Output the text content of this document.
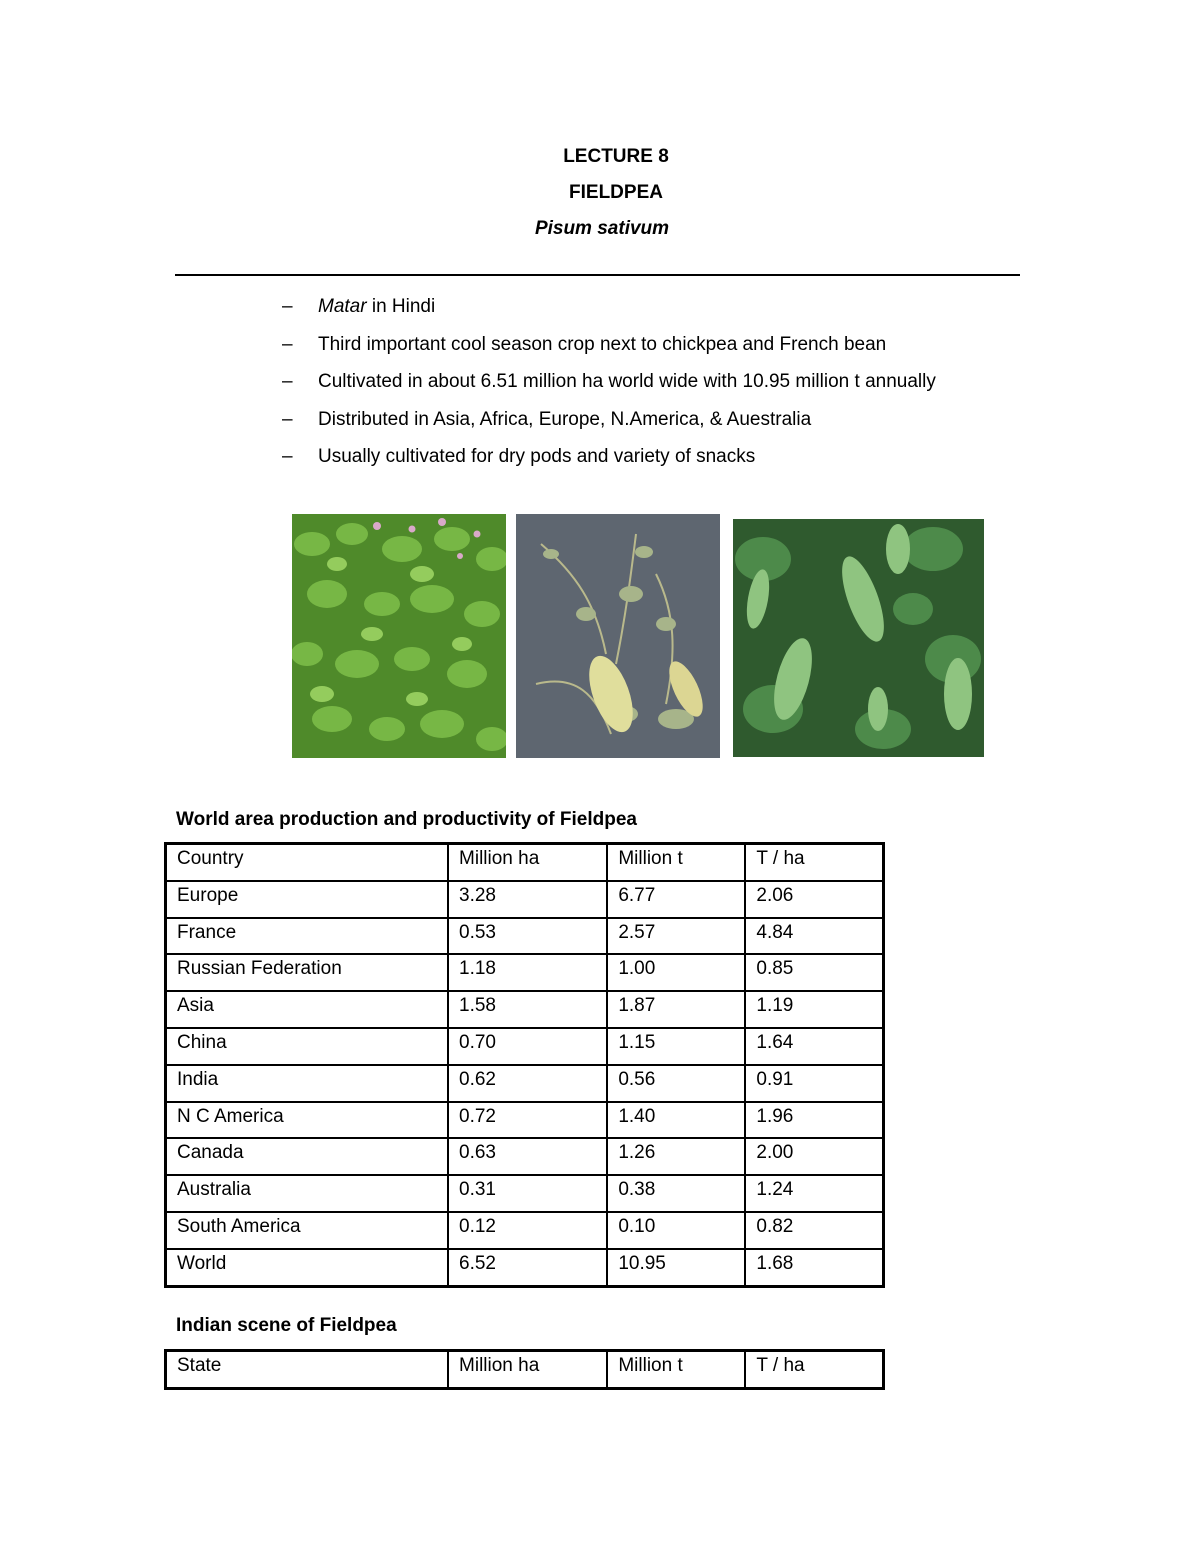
LECTURE 8
FIELDPEA
Pisum sativum
– Matar in Hindi
– Third important cool season crop next to chickpea and French bean
– Cultivated in about 6.51 million ha world wide with 10.95 million t annually
– Distributed in Asia, Africa, Europe, N.America, & Auestralia
– Usually cultivated for dry pods and variety of snacks
World area production and productivity of Fieldpea
Country	Million ha	Million t	T / ha
Europe	3.28	6.77	2.06
France	0.53	2.57	4.84
Russian Federation	1.18	1.00	0.85
Asia	1.58	1.87	1.19
China	0.70	1.15	1.64
India	0.62	0.56	0.91
N C America	0.72	1.40	1.96
Canada	0.63	1.26	2.00
Australia	0.31	0.38	1.24
South America	0.12	0.10	0.82
World	6.52	10.95	1.68
Indian scene of Fieldpea
State	Million ha	Million t	T / ha
